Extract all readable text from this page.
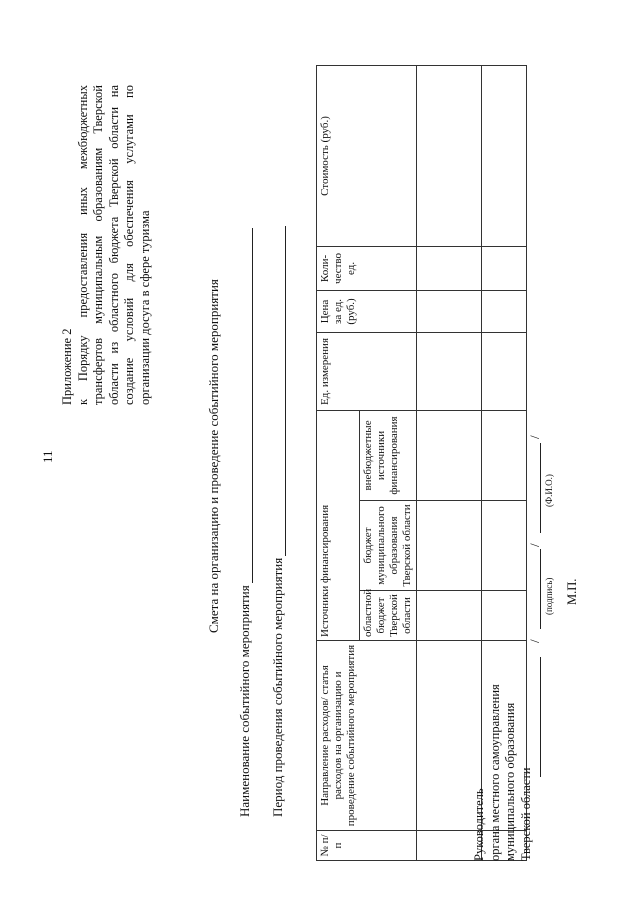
11
Приложение 2 к Порядку предоставления иных межбюджетных трансфертов муниципальным образованиям Тверской области из областного бюджета Тверской области на создание условий для обеспечения услугами по организации досуга в сфере туризма	Смета на организацию и проведение событийного мероприятия
Наименование событийного мероприятия Период проведения событийного мероприятия
№ п/п	Направление расходов/ статья расходов на организацию и проведение событийного мероприятия	Источники финансирования			Ед. измерения	Цена за ед. (руб.)	Коли- чество ед.	Стоимость (руб.)
		областной бюджет Тверской области	бюджет муниципального образования Тверской области	внебюджетные источники финансирования				

Руководитель органа местного самоуправления муниципального образования Тверской области
/
/
/
(подпись)
(Ф.И.О.)
М.П.
